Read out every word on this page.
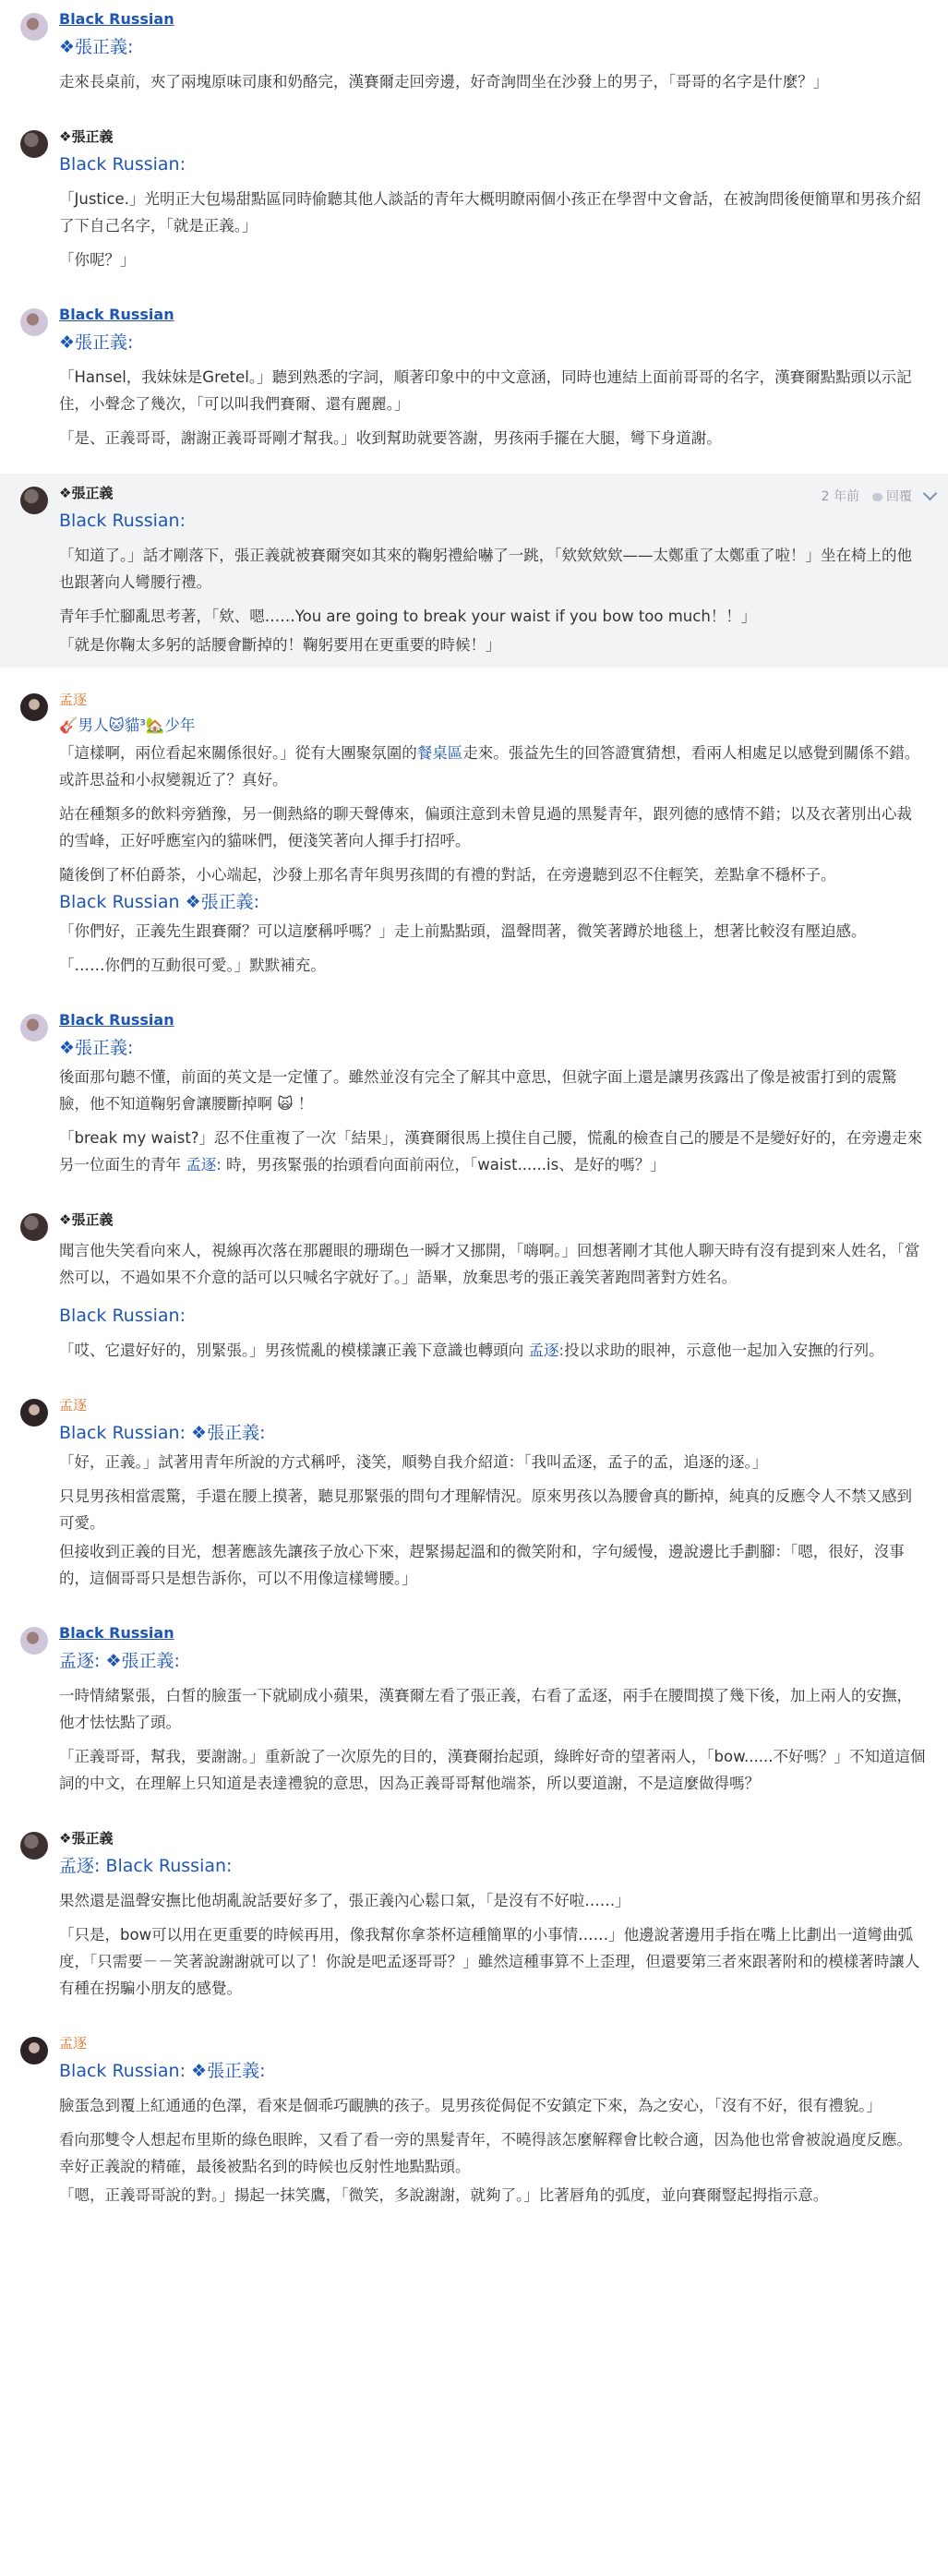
Black Russian
❖張正義:

走來長桌前，夾了兩塊原味司康和奶酪完，漢賽爾走回旁邊，好奇詢問坐在沙發上的男子，「哥哥的名字是什麼？」

❖張正義
Black Russian:

「Justice.」光明正大包場甜點區同時偷聽其他人談話的青年大概明瞭兩個小孩正在學習中文會話，在被詢問後便簡單和男孩介紹了下自己名字，「就是正義。」

「你呢？」

Black Russian
❖張正義:

「Hansel，我妹妹是Gretel。」聽到熟悉的字詞，順著印象中的中文意涵，同時也連結上面前哥哥的名字，漢賽爾點點頭以示記住，小聲念了幾次，「可以叫我們賽爾、還有麗麗。」

「是、正義哥哥，謝謝正義哥哥剛才幫我。」收到幫助就要答謝，男孩兩手擺在大腿，彎下身道謝。

❖張正義	2 年前	回覆
Black Russian:

「知道了。」話才剛落下，張正義就被賽爾突如其來的鞠躬禮給嚇了一跳，「欸欸欸欸——太鄭重了太鄭重了啦！」坐在椅上的他也跟著向人彎腰行禮。

青年手忙腳亂思考著，「欸、嗯……You are going to break your waist if you bow too much！！」

「就是你鞠太多躬的話腰會斷掉的！鞠躬要用在更重要的時候！」

孟逐
🎸男人🐱貓³🏡少年

「這樣啊，兩位看起來關係很好。」從有大團聚氛圍的餐桌區走來。張益先生的回答證實猜想，看兩人相處足以感覺到關係不錯。或許思益和小叔變親近了？真好。

站在種類多的飲料旁猶豫，另一側熱絡的聊天聲傳來，偏頭注意到未曾見過的黑髮青年，跟列德的感情不錯；以及衣著別出心裁的雪峰，正好呼應室內的貓咪們，便淺笑著向人揮手打招呼。

隨後倒了杯伯爵茶，小心端起，沙發上那名青年與男孩間的有禮的對話，在旁邊聽到忍不住輕笑，差點拿不穩杯子。

Black Russian ❖張正義:

「你們好，正義先生跟賽爾？可以這麼稱呼嗎？」走上前點點頭，溫聲問著，微笑著蹲於地毯上，想著比較沒有壓迫感。

「……你們的互動很可愛。」默默補充。

Black Russian
❖張正義:

後面那句聽不懂，前面的英文是一定懂了。雖然並沒有完全了解其中意思，但就字面上還是讓男孩露出了像是被雷打到的震驚臉，他不知道鞠躬會讓腰斷掉啊 🙀 ！

「break my waist?」忍不住重複了一次「結果」，漢賽爾很馬上摸住自己腰，慌亂的檢查自己的腰是不是變好好的，在旁邊走來另一位面生的青年 孟逐: 時，男孩緊張的抬頭看向面前兩位，「waist......is、是好的嗎？」

❖張正義

聞言他失笑看向來人，視線再次落在那麗眼的珊瑚色一瞬才又挪開，「嗨啊。」回想著剛才其他人聊天時有沒有提到來人姓名，「當然可以，不過如果不介意的話可以只喊名字就好了。」語畢，放棄思考的張正義笑著跑問著對方姓名。

Black Russian:

「哎、它還好好的，別緊張。」男孩慌亂的模樣讓正義下意識也轉頭向 孟逐:投以求助的眼神，示意他一起加入安撫的行列。

孟逐
Black Russian: ❖張正義:

「好，正義。」試著用青年所說的方式稱呼，淺笑，順勢自我介紹道：「我叫孟逐，孟子的孟，追逐的逐。」

只見男孩相當震驚，手還在腰上摸著，聽見那緊張的問句才理解情況。原來男孩以為腰會真的斷掉，純真的反應令人不禁又感到可愛。

但接收到正義的目光，想著應該先讓孩子放心下來，趕緊揚起溫和的微笑附和，字句緩慢，邊說邊比手劃腳：「嗯，很好，沒事的，這個哥哥只是想告訴你，可以不用像這樣彎腰。」

Black Russian
孟逐: ❖張正義:

一時情緒緊張，白皙的臉蛋一下就刷成小蘋果，漢賽爾左看了張正義，右看了孟逐，兩手在腰間摸了幾下後，加上兩人的安撫，他才怯怯點了頭。

「正義哥哥，幫我，要謝謝。」重新說了一次原先的目的，漢賽爾抬起頭，綠眸好奇的望著兩人，「bow......不好嗎？」不知道這個詞的中文，在理解上只知道是表達禮貌的意思，因為正義哥哥幫他端茶，所以要道謝，不是這麼做得嗎？

❖張正義
孟逐: Black Russian:

果然還是溫聲安撫比他胡亂說話要好多了，張正義內心鬆口氣，「是沒有不好啦……」

「只是，bow可以用在更重要的時候再用，像我幫你拿茶杯這種簡單的小事情……」他邊說著邊用手指在嘴上比劃出一道彎曲弧度，「只需要－－笑著說謝謝就可以了！你說是吧孟逐哥哥？」雖然這種事算不上歪理，但還要第三者來跟著附和的模樣著時讓人有種在拐騙小朋友的感覺。

孟逐
Black Russian: ❖張正義:

臉蛋急到覆上紅通通的色澤，看來是個乖巧靦腆的孩子。見男孩從侷促不安鎮定下來，為之安心，「沒有不好，很有禮貌。」

看向那雙令人想起布里斯的綠色眼眸，又看了看一旁的黑髮青年，不曉得該怎麼解釋會比較合適，因為他也常會被說過度反應。幸好正義說的精確，最後被點名到的時候也反射性地點點頭。

「嗯，正義哥哥說的對。」揚起一抹笑鷹，「微笑，多說謝謝，就夠了。」比著唇角的弧度，並向賽爾豎起拇指示意。
